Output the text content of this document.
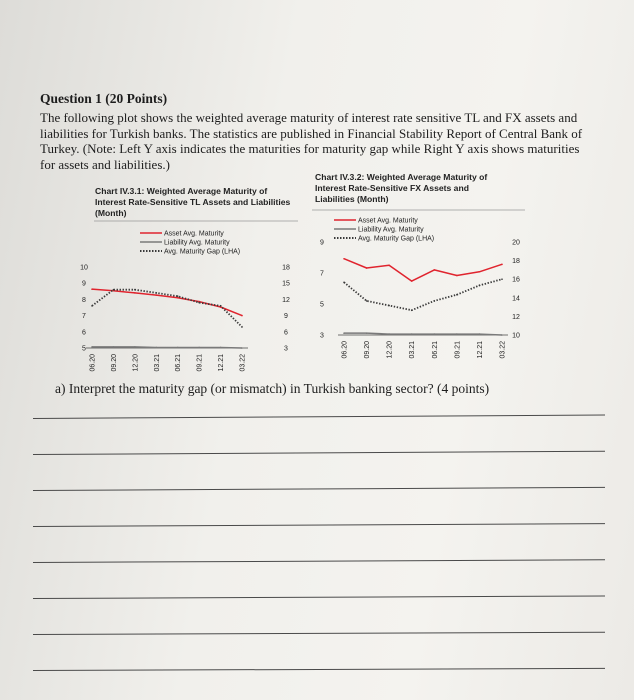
Question 1 (20 Points)

The following plot shows the weighted average maturity of interest rate sensitive TL and FX assets and liabilities for Turkish banks. The statistics are published in Financial Stability Report of Central Bank of Turkey. (Note: Left Y axis indicates the maturities for maturity gap while Right Y axis shows maturities for assets and liabilities.)

Chart IV.3.1: Weighted Average Maturity of Interest Rate-Sensitive TL Assets and Liabilities (Month)
Asset Avg. Maturity
Liability Avg. Maturity
Avg. Maturity Gap (LHA)
5
6
7
8
9
10
3
6
9
12
15
18
06.20 09.20 12.20 03.21 06.21 09.21 12.21 03.22
Chart IV.3.2: Weighted Average Maturity of Interest Rate-Sensitive FX Assets and Liabilities (Month)
Asset Avg. Maturity
Liability Avg. Maturity
Avg. Maturity Gap (LHA)
3
5
7
9
10
12
14
16
18
20
06.20 09.20 12.20 03.21 06.21 09.21 12.21 03.22
a) Interpret the maturity gap (or mismatch) in Turkish banking sector? (4 points)
